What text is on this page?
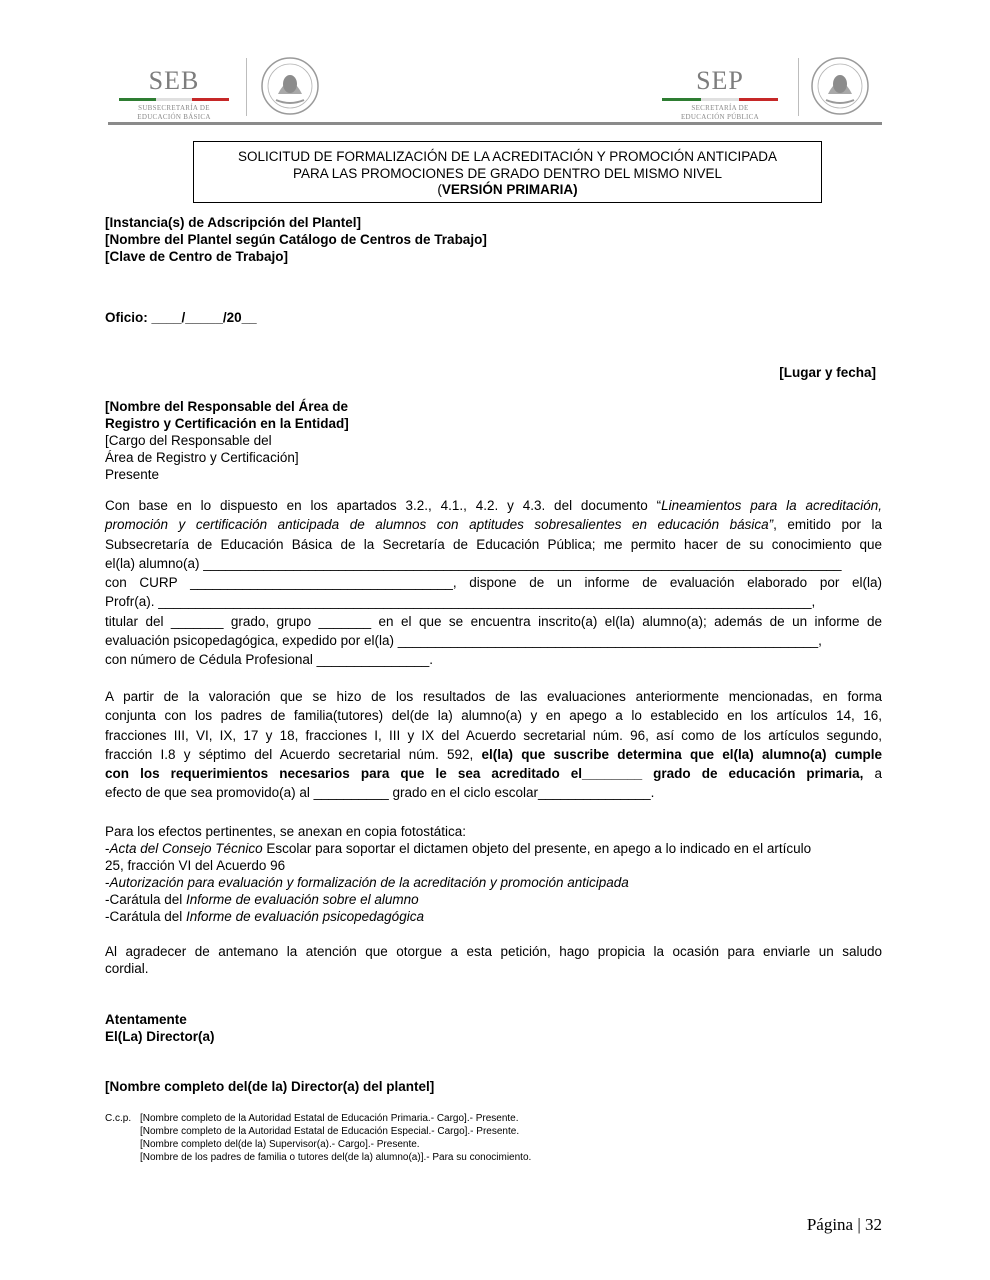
SEB
SUBSECRETARÍA DE
EDUCACIÓN BÁSICA
SEP
SECRETARÍA DE
EDUCACIÓN PÚBLICA
SOLICITUD DE FORMALIZACIÓN DE LA ACREDITACIÓN Y PROMOCIÓN ANTICIPADA
PARA LAS PROMOCIONES DE GRADO DENTRO DEL MISMO NIVEL
(VERSIÓN PRIMARIA)
[Instancia(s) de Adscripción del Plantel]
[Nombre del Plantel según Catálogo de Centros de Trabajo]
[Clave de Centro de Trabajo]
Oficio: ____/_____/20__
[Lugar y fecha]
[Nombre del Responsable del Área de
Registro y Certificación en la Entidad]
[Cargo del Responsable del
Área de Registro y Certificación]
Presente
Con base en lo dispuesto en los apartados 3.2., 4.1., 4.2. y 4.3. del documento “Lineamientos para la acreditación,
promoción y certificación anticipada de alumnos con aptitudes sobresalientes en educación básica”, emitido por la
Subsecretaría de Educación Básica de la Secretaría de Educación Pública; me permito hacer de su conocimiento que
el(la) alumno(a) _____________________________________________________________________________________
con CURP ___________________________________, dispone de un informe de evaluación elaborado por el(la)
Profr(a). _______________________________________________________________________________________,
titular del _______ grado, grupo _______ en el que se encuentra inscrito(a) el(la) alumno(a); además de un informe de
evaluación psicopedagógica, expedido por el(la) ________________________________________________________,
con número de Cédula Profesional _______________.
A partir de la valoración que se hizo de los resultados de las evaluaciones anteriormente mencionadas, en forma
conjunta con los padres de familia(tutores) del(de la) alumno(a) y en apego a lo establecido en los artículos 14, 16,
fracciones III, VI, IX, 17 y 18, fracciones I, III y IX del Acuerdo secretarial núm. 96, así como de los artículos segundo,
fracción I.8 y séptimo del Acuerdo secretarial núm. 592, el(la) que suscribe determina que el(la) alumno(a) cumple
con los requerimientos necesarios para que le sea acreditado el________ grado de educación primaria, a
efecto de que sea promovido(a) al __________ grado en el ciclo escolar_______________.
Para los efectos pertinentes, se anexan en copia fotostática:
-Acta del Consejo Técnico Escolar para soportar el dictamen objeto del presente, en apego a lo indicado en el artículo
25, fracción VI del Acuerdo 96
-Autorización para evaluación y formalización de la acreditación y promoción anticipada
-Carátula del Informe de evaluación sobre el alumno
-Carátula del Informe de evaluación psicopedagógica
Al agradecer de antemano la atención que otorgue a esta petición, hago propicia la ocasión para enviarle un saludo
cordial.
Atentamente
El(La) Director(a)
[Nombre completo del(de la) Director(a) del plantel]
C.c.p. [Nombre completo de la Autoridad Estatal de Educación Primaria.- Cargo].- Presente.
[Nombre completo de la Autoridad Estatal de Educación Especial.- Cargo].- Presente.
[Nombre completo del(de la) Supervisor(a).- Cargo].- Presente.
[Nombre de los padres de familia o tutores del(de la) alumno(a)].- Para su conocimiento.
Página | 32
